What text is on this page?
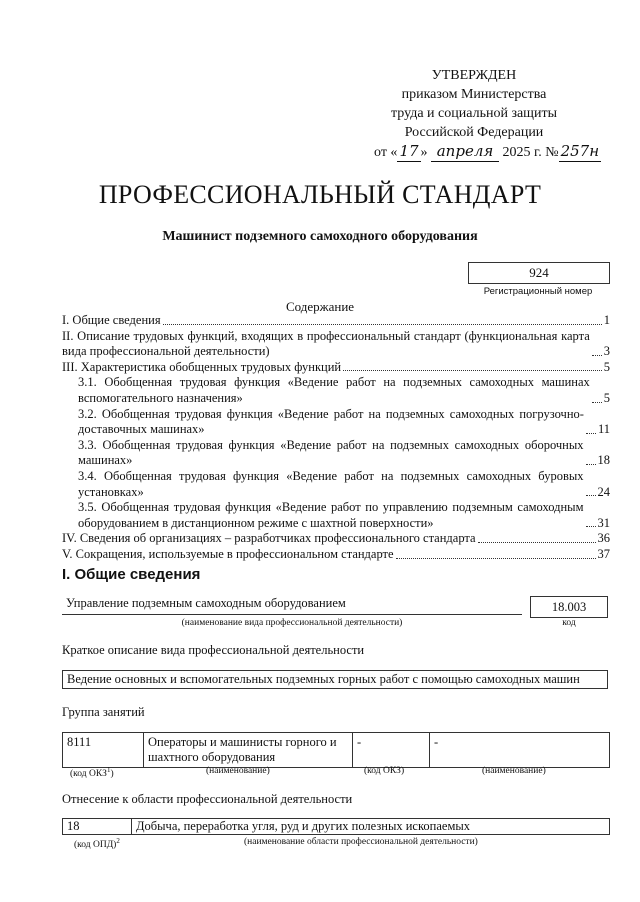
УТВЕРЖДЕН
приказом Министерства
труда и социальной защиты
Российской Федерации
от « 17 » апреля 2025 г. № 257н
ПРОФЕССИОНАЛЬНЫЙ СТАНДАРТ
Машинист подземного самоходного оборудования
924
Регистрационный номер
Содержание
I. Общие сведения	1
II. Описание трудовых функций, входящих в профессиональный стандарт (функциональная карта вида профессиональной деятельности)	3
III. Характеристика обобщенных трудовых функций	5
3.1. Обобщенная трудовая функция «Ведение работ на подземных самоходных машинах вспомогательного назначения»	5
3.2. Обобщенная трудовая функция «Ведение работ на подземных самоходных погрузочно-доставочных машинах»	11
3.3. Обобщенная трудовая функция «Ведение работ на подземных самоходных оборочных машинах»	18
3.4. Обобщенная трудовая функция «Ведение работ на подземных самоходных буровых установках»	24
3.5. Обобщенная трудовая функция «Ведение работ по управлению подземным самоходным оборудованием в дистанционном режиме с шахтной поверхности»	31
IV. Сведения об организациях – разработчиках профессионального стандарта	36
V. Сокращения, используемые в профессиональном стандарте	37
I. Общие сведения
Управление подземным самоходным оборудованием
(наименование вида профессиональной деятельности)
18.003
код
Краткое описание вида профессиональной деятельности
Ведение основных и вспомогательных подземных горных работ с помощью самоходных машин
Группа занятий
8111	Операторы и машинисты горного и шахтного оборудования	-	-
(код ОКЗ$^1$)	(наименование)	(код ОКЗ)	(наименование)
Отнесение к области профессиональной деятельности
18	Добыча, переработка угля, руд и других полезных ископаемых
(код ОПД)$^2$	(наименование области профессиональной деятельности)
